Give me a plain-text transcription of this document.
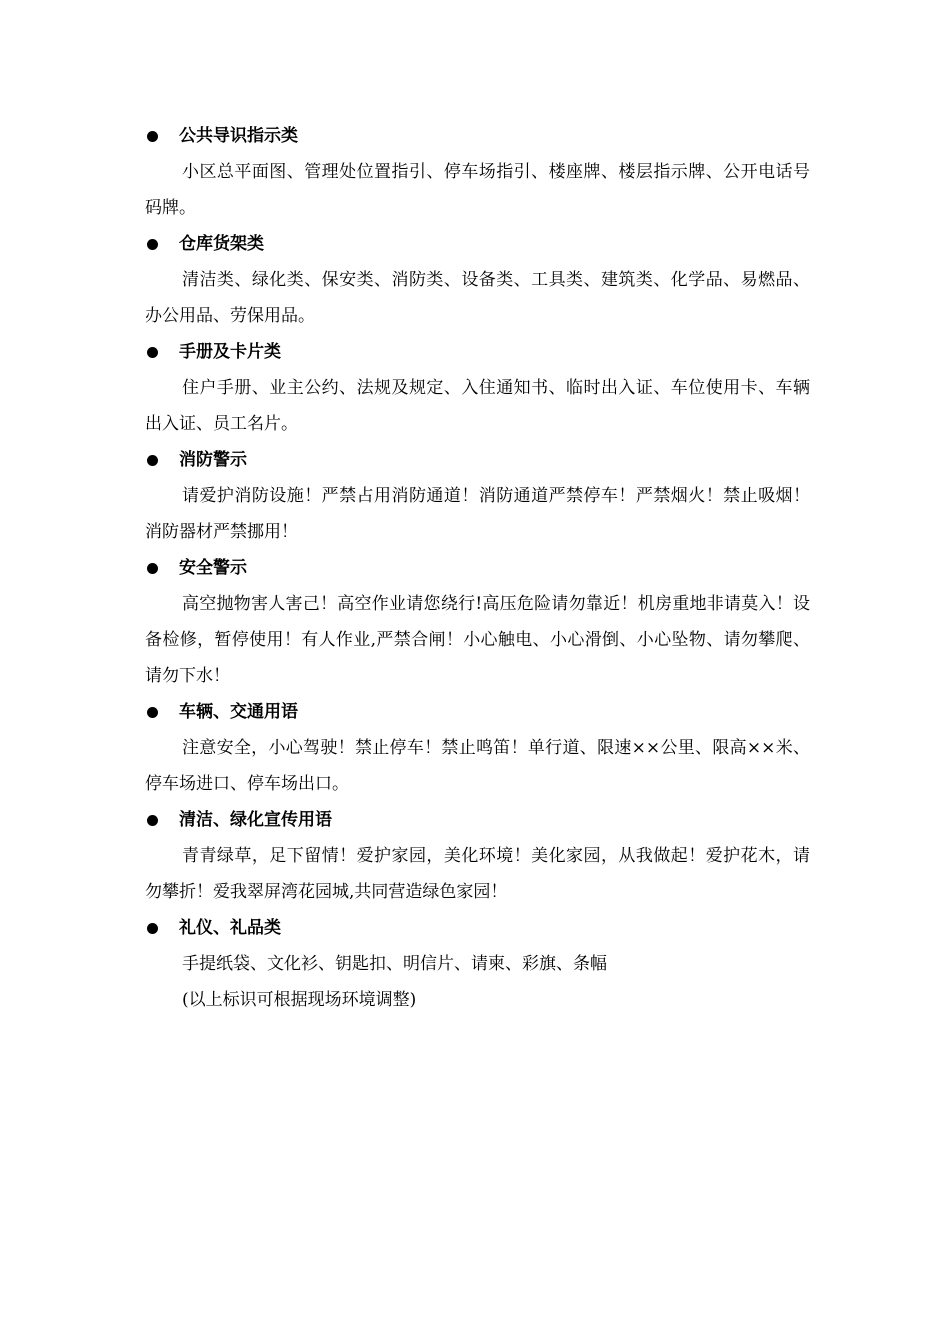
公共导识指示类

小区总平面图、管理处位置指引、停车场指引、楼座牌、楼层指示牌、公开电话号码牌。

仓库货架类

清洁类、绿化类、保安类、消防类、设备类、工具类、建筑类、化学品、易燃品、办公用品、劳保用品。

手册及卡片类

住户手册、业主公约、法规及规定、入住通知书、临时出入证、车位使用卡、车辆出入证、员工名片。

消防警示

请爱护消防设施！严禁占用消防通道！消防通道严禁停车！严禁烟火！禁止吸烟！消防器材严禁挪用！

安全警示

高空抛物害人害己！高空作业请您绕行!高压危险请勿靠近！机房重地非请莫入！设备检修，暂停使用！有人作业,严禁合闸！小心触电、小心滑倒、小心坠物、请勿攀爬、请勿下水！

车辆、交通用语

注意安全，小心驾驶！禁止停车！禁止鸣笛！单行道、限速××公里、限高××米、停车场进口、停车场出口。

清洁、绿化宣传用语

青青绿草，足下留情！爱护家园，美化环境！美化家园，从我做起！爱护花木，请勿攀折！爱我翠屏湾花园城,共同营造绿色家园！

礼仪、礼品类

手提纸袋、文化衫、钥匙扣、明信片、请柬、彩旗、条幅

(以上标识可根据现场环境调整)
